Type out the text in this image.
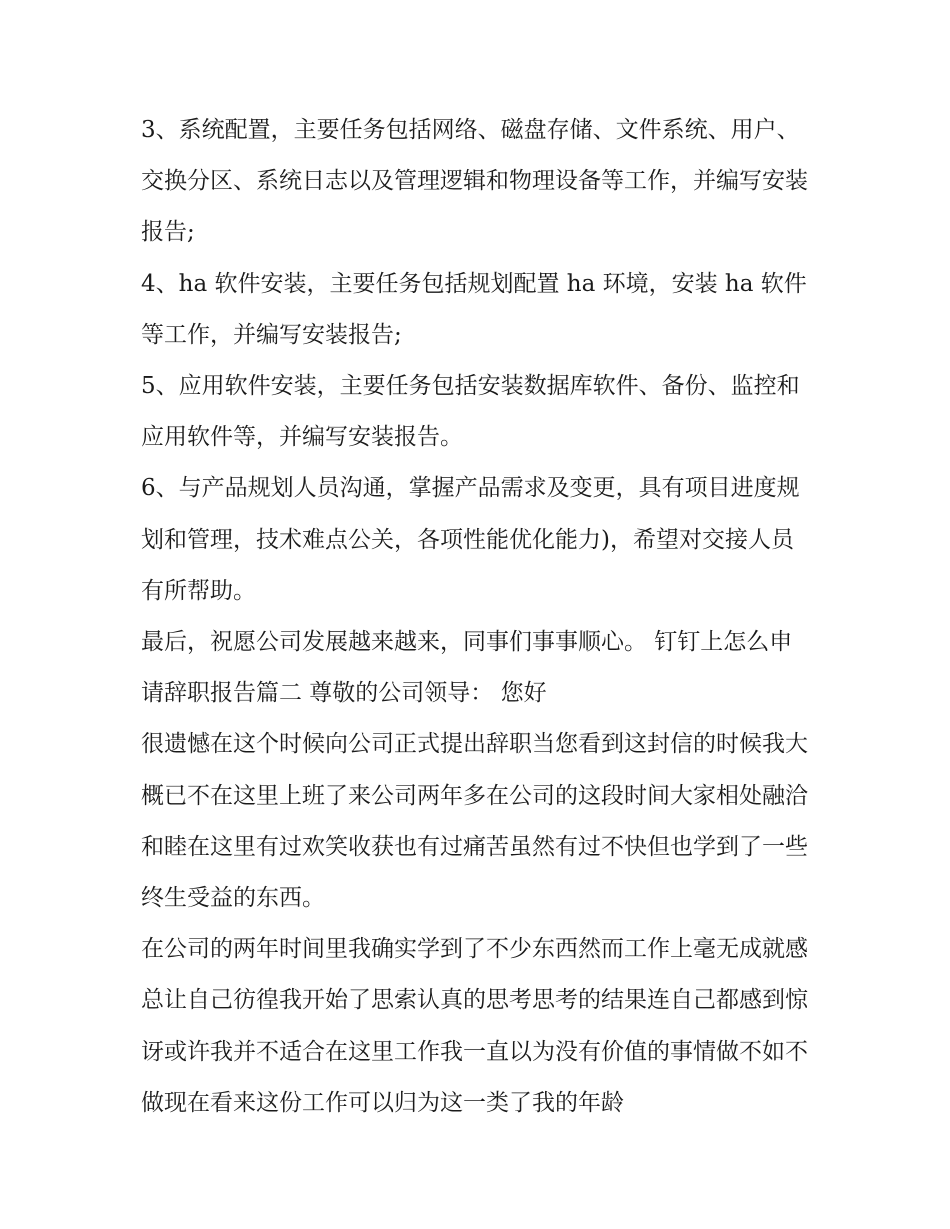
3、系统配置，主要任务包括网络、磁盘存储、文件系统、用户、交换分区、系统日志以及管理逻辑和物理设备等工作，并编写安装报告;

4、ha 软件安装，主要任务包括规划配置 ha 环境，安装 ha 软件等工作，并编写安装报告;

5、应用软件安装，主要任务包括安装数据库软件、备份、监控和应用软件等，并编写安装报告。

6、与产品规划人员沟通，掌握产品需求及变更，具有项目进度规划和管理，技术难点公关，各项性能优化能力)，希望对交接人员有所帮助。

最后，祝愿公司发展越来越来，同事们事事顺心。 钉钉上怎么申请辞职报告篇二 尊敬的公司领导： 您好

很遗憾在这个时候向公司正式提出辞职当您看到这封信的时候我大概已不在这里上班了来公司两年多在公司的这段时间大家相处融洽和睦在这里有过欢笑收获也有过痛苦虽然有过不快但也学到了一些终生受益的东西。

在公司的两年时间里我确实学到了不少东西然而工作上毫无成就感总让自己彷徨我开始了思索认真的思考思考的结果连自己都感到惊讶或许我并不适合在这里工作我一直以为没有价值的事情做不如不做现在看来这份工作可以归为这一类了我的年龄
